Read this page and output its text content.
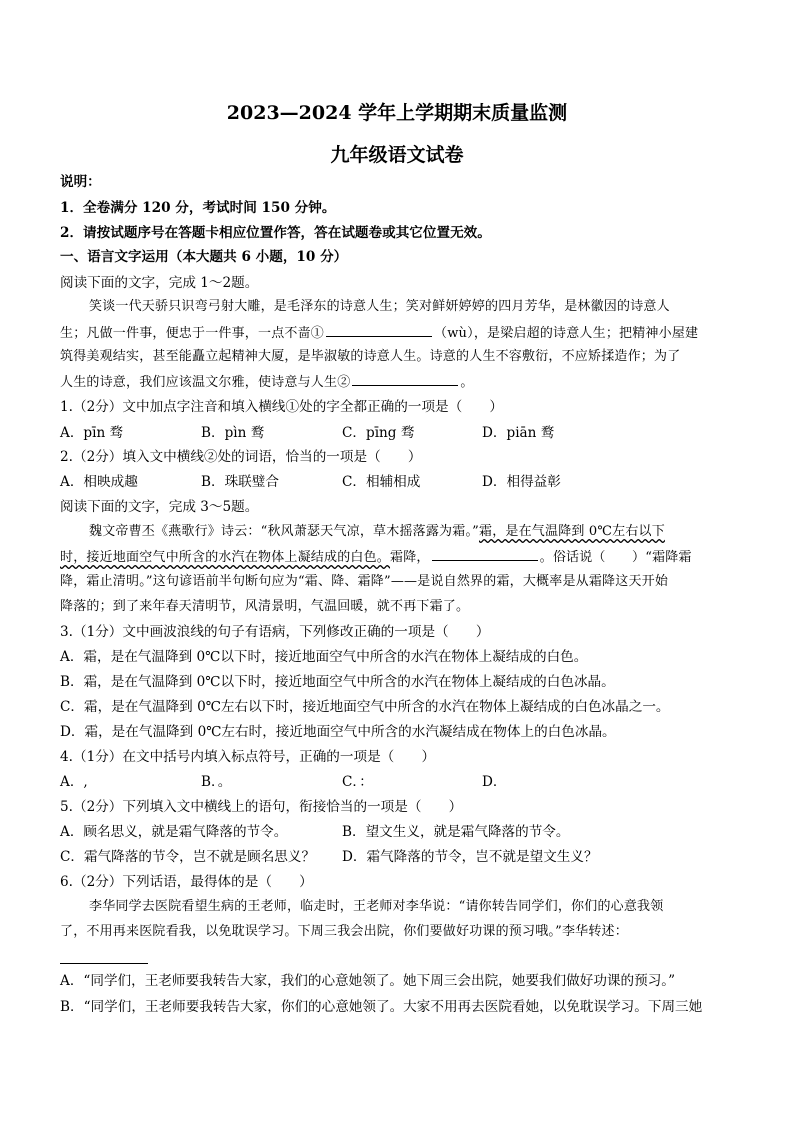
2023—2024 学年上学期期末质量监测
九年级语文试卷
说明：
1．全卷满分 120 分，考试时间 150 分钟。
2．请按试题序号在答题卡相应位置作答，答在试题卷或其它位置无效。
一、语言文字运用（本大题共 6 小题，10 分）
阅读下面的文字，完成 1～2题。
笑谈一代天骄只识弯弓射大雕，是毛泽东的诗意人生；笑对鲜妍婷婷的四月芳华，是林徽因的诗意人
生；凡做一件事，便忠于一件事，一点不啬①	（wù），是梁启超的诗意人生；把精神小屋建
筑得美观结实，甚至能矗立起精神大厦，是毕淑敏的诗意人生。诗意的人生不容敷衍，不应矫揉造作；为了
人生的诗意，我们应该温文尔雅，使诗意与人生②	。
1.（2分）文中加点字注音和填入横线①处的字全都正确的一项是（　　）
A．pīn 骛	B．pìn 鹜	C．pīng 骛	D．piān 鹜
2.（2分）填入文中横线②处的词语，恰当的一项是（　　）
A．相映成趣	B．珠联璧合	C．相辅相成	D．相得益彰
阅读下面的文字，完成 3～5题。
魏文帝曹丕《燕歌行》诗云：“秋风萧瑟天气凉，草木摇落露为霜。”霜，是在气温降到 0℃左右以下
时，接近地面空气中所含的水汽在物体上凝结成的白色。霜降，	。俗话说（　　）“霜降霜
降，霜止清明。”这句谚语前半句断句应为“霜、降、霜降”——是说自然界的霜，大概率是从霜降这天开始
降落的；到了来年春天清明节，风清景明，气温回暖，就不再下霜了。
3.（1分）文中画波浪线的句子有语病，下列修改正确的一项是（　　）
A．霜，是在气温降到 0℃以下时，接近地面空气中所含的水汽在物体上凝结成的白色。
B．霜，是在气温降到 0℃以下时，接近地面空气中所含的水汽在物体上凝结成的白色冰晶。
C．霜，是在气温降到 0℃左右以下时，接近地面空气中所含的水汽在物体上凝结成的白色冰晶之一。
D．霜，是在气温降到 0℃左右时，接近地面空气中所含的水汽凝结成在物体上的白色冰晶。
4.（1分）在文中括号内填入标点符号，正确的一项是（　　）
A．,	B．。	C．：	D．
5.（2分）下列填入文中横线上的语句，衔接恰当的一项是（　　）
A．顾名思义，就是霜气降落的节令。	B．望文生义，就是霜气降落的节令。
C．霜气降落的节令，岂不就是顾名思义？ D．霜气降落的节令，岂不就是望文生义？
6.（2分）下列话语，最得体的是（　　）
李华同学去医院看望生病的王老师，临走时，王老师对李华说：“请你转告同学们，你们的心意我领
了，不用再来医院看我，以免耽误学习。下周三我会出院，你们要做好功课的预习哦。”李华转述：
A．“同学们，王老师要我转告大家，我们的心意她领了。她下周三会出院，她要我们做好功课的预习。”
B．“同学们，王老师要我转告大家，你们的心意她领了。大家不用再去医院看她，以免耽误学习。下周三她
